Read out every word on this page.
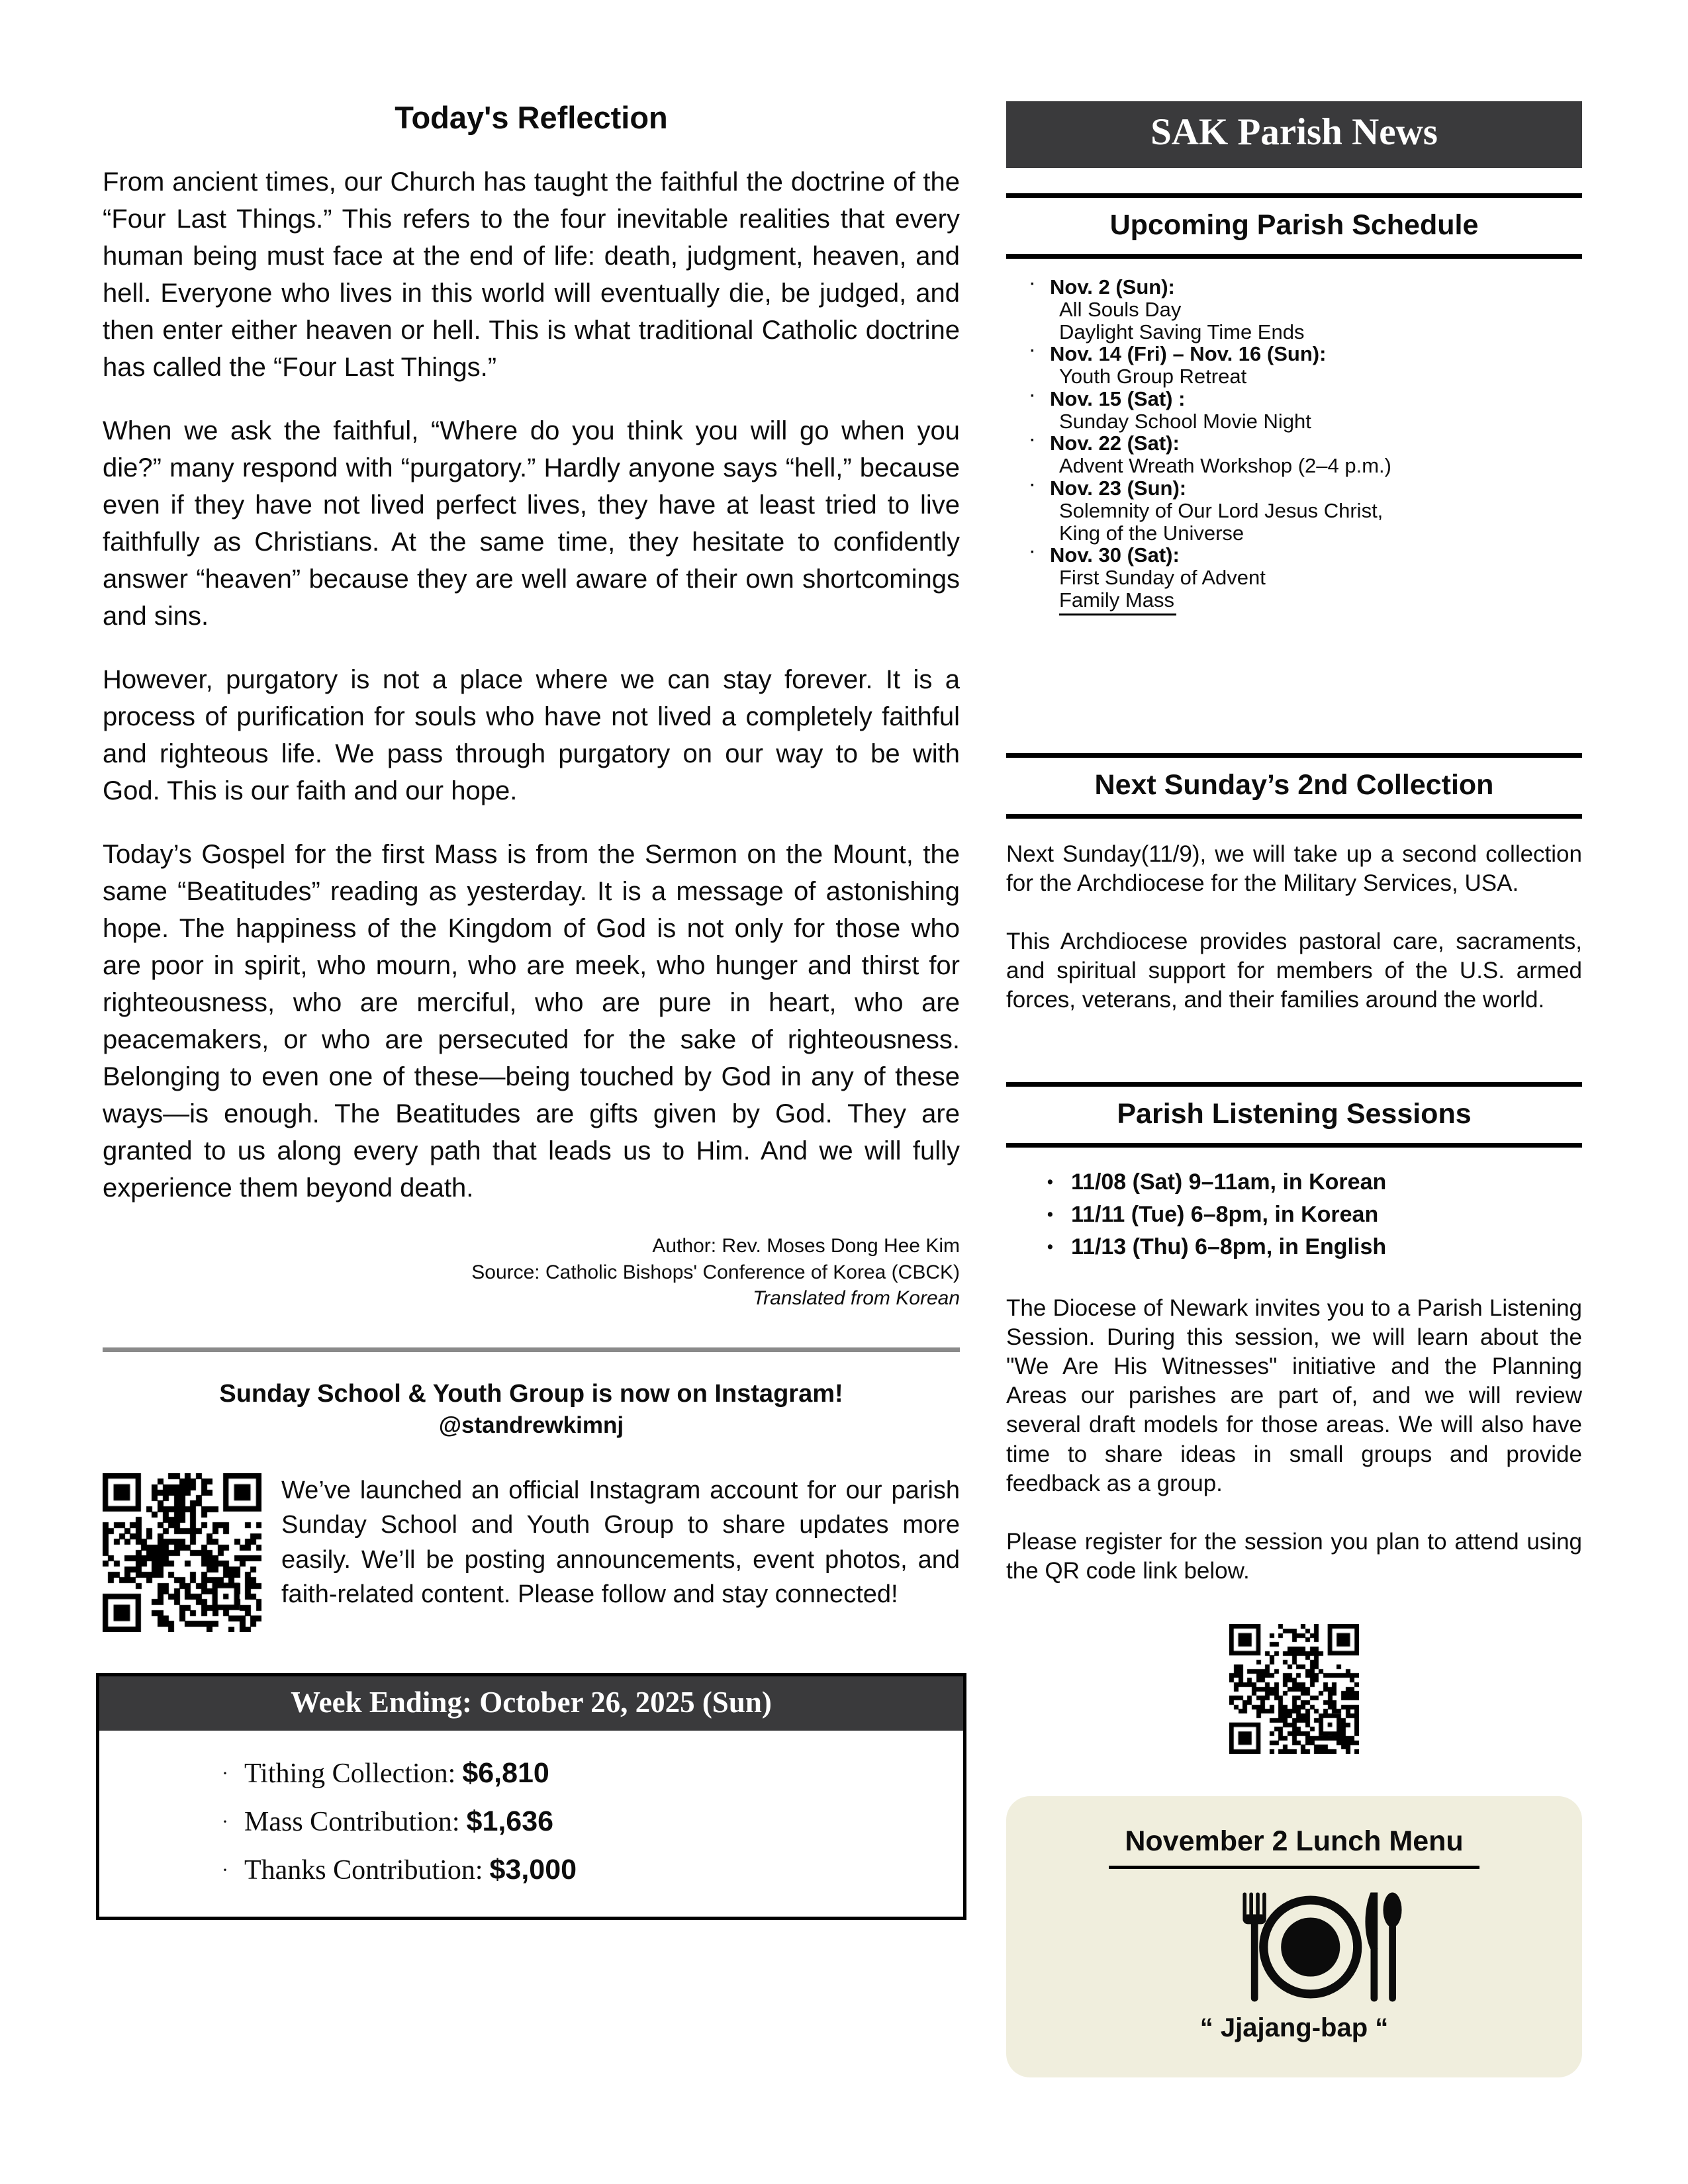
Today's Reflection

From ancient times, our Church has taught the faithful the doctrine of the “Four Last Things.” This refers to the four inevitable realities that every human being must face at the end of life: death, judgment, heaven, and hell. Everyone who lives in this world will eventually die, be judged, and then enter either heaven or hell. This is what traditional Catholic doctrine has called the “Four Last Things.”

When we ask the faithful, “Where do you think you will go when you die?” many respond with “purgatory.” Hardly anyone says “hell,” because even if they have not lived perfect lives, they have at least tried to live faithfully as Christians. At the same time, they hesitate to confidently answer “heaven” because they are well aware of their own shortcomings and sins.

However, purgatory is not a place where we can stay forever. It is a process of purification for souls who have not lived a completely faithful and righteous life. We pass through purgatory on our way to be with God. This is our faith and our hope.

Today’s Gospel for the first Mass is from the Sermon on the Mount, the same “Beatitudes” reading as yesterday. It is a message of astonishing hope. The happiness of the Kingdom of God is not only for those who are poor in spirit, who mourn, who are meek, who hunger and thirst for righteousness, who are merciful, who are pure in heart, who are peacemakers, or who are persecuted for the sake of righteousness. Belonging to even one of these—being touched by God in any of these ways—is enough. The Beatitudes are gifts given by God. They are granted to us along every path that leads us to Him. And we will fully experience them beyond death.

Author: Rev. Moses Dong Hee Kim
Source: Catholic Bishops' Conference of Korea (CBCK)
Translated from Korean
Sunday School & Youth Group is now on Instagram!
@standrewkimnj

We’ve launched an official Instagram account for our parish Sunday School and Youth Group to share updates more easily. We’ll be posting announcements, event photos, and faith-related content. Please follow and stay connected!

Week Ending: October 26, 2025 (Sun)
· Tithing Collection: $6,810
· Mass Contribution: $1,636
· Thanks Contribution: $3,000
SAK Parish News
Upcoming Parish Schedule
· Nov. 2 (Sun):
All Souls Day
Daylight Saving Time Ends
· Nov. 14 (Fri) – Nov. 16 (Sun):
Youth Group Retreat
· Nov. 15 (Sat) :
Sunday School Movie Night
· Nov. 22 (Sat):
Advent Wreath Workshop (2–4 p.m.)
· Nov. 23 (Sun):
Solemnity of Our Lord Jesus Christ,
King of the Universe
· Nov. 30 (Sat):
First Sunday of Advent
Family Mass
Next Sunday’s 2nd Collection

Next Sunday(11/9), we will take up a second collection for the Archdiocese for the Military Services, USA.

This Archdiocese provides pastoral care, sacraments, and spiritual support for members of the U.S. armed forces, veterans, and their families around the world.

Parish Listening Sessions
• 11/08 (Sat) 9–11am, in Korean
• 11/11 (Tue) 6–8pm, in Korean
• 11/13 (Thu) 6–8pm, in English

The Diocese of Newark invites you to a Parish Listening Session. During this session, we will learn about the "We Are His Witnesses" initiative and the Planning Areas our parishes are part of, and we will review several draft models for those areas. We will also have time to share ideas in small groups and provide feedback as a group.

Please register for the session you plan to attend using the QR code link below.

November 2 Lunch Menu

“ Jjajang-bap “
